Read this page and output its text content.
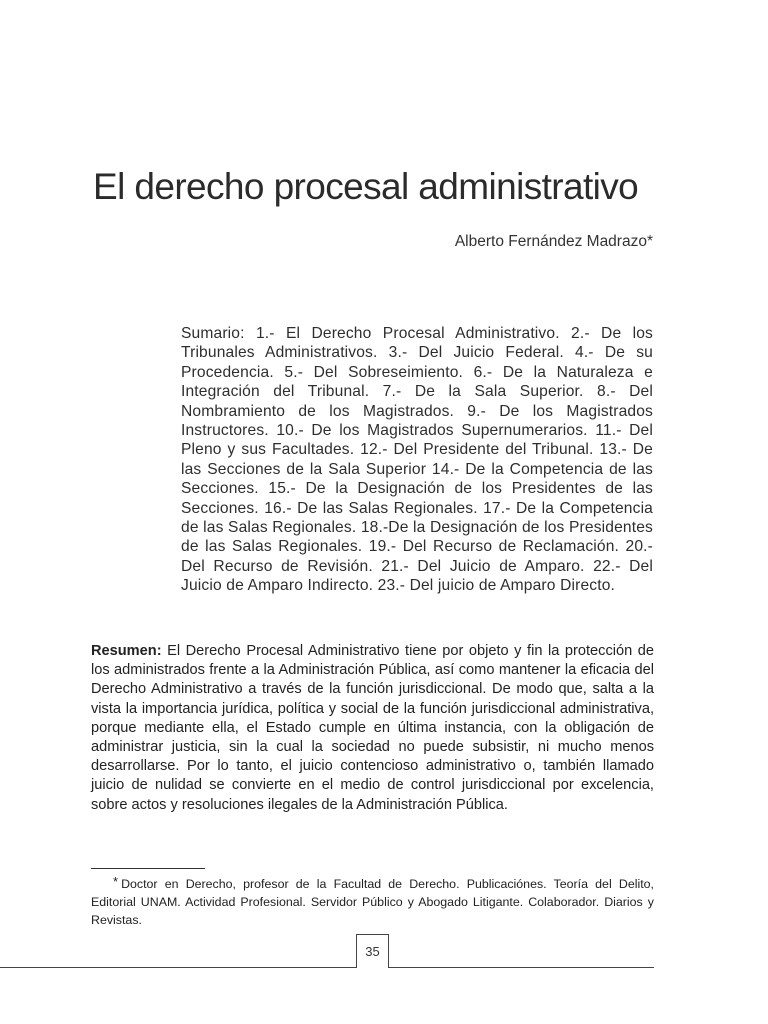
El derecho procesal administrativo
Alberto Fernández Madrazo*

Sumario: 1.- El Derecho Procesal Administrativo. 2.- De los Tribunales Administrativos. 3.- Del Juicio Federal. 4.- De su Procedencia. 5.- Del Sobreseimiento. 6.- De la Naturaleza e Integración del Tribunal. 7.- De la Sala Superior. 8.- Del Nombramiento de los Magistrados. 9.- De los Magistrados Instructores. 10.- De los Magistrados Supernumerarios. 11.- Del Pleno y sus Facultades. 12.- Del Presidente del Tribunal. 13.- De las Secciones de la Sala Superior 14.- De la Competencia de las Secciones. 15.- De la Designación de los Presidentes de las Secciones. 16.- De las Salas Regionales. 17.- De la Competencia de las Salas Regionales. 18.-De la Designación de los Presidentes de las Salas Regionales. 19.- Del Recurso de Reclamación. 20.- Del Recurso de Revisión. 21.- Del Juicio de Amparo. 22.- Del Juicio de Amparo Indirecto. 23.- Del juicio de Amparo Directo.

Resumen: El Derecho Procesal Administrativo tiene por objeto y fin la protección de los administrados frente a la Administración Pública, así como mantener la eficacia del Derecho Administrativo a través de la función jurisdiccional. De modo que, salta a la vista la importancia jurídica, política y social de la función jurisdiccional administrativa, porque mediante ella, el Estado cumple en última instancia, con la obligación de administrar justicia, sin la cual la sociedad no puede subsistir, ni mucho menos desarrollarse. Por lo tanto, el juicio contencioso administrativo o, también llamado juicio de nulidad se convierte en el medio de control jurisdiccional por excelencia, sobre actos y resoluciones ilegales de la Administración Pública.

* Doctor en Derecho, profesor de la Facultad de Derecho. Publicaciónes. Teoría del Delito, Editorial UNAM. Actividad Profesional. Servidor Público y Abogado Litigante. Colaborador. Diarios y Revistas.

35
